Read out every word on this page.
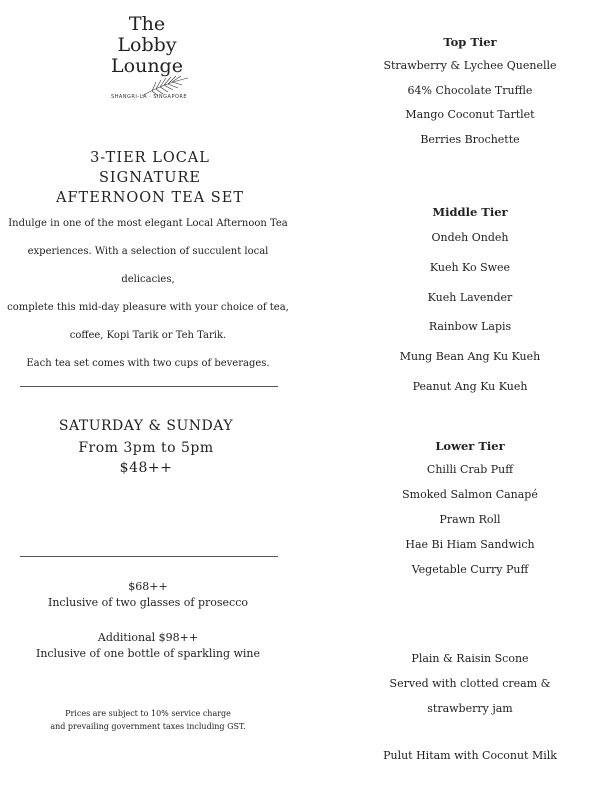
The
Lobby
Lounge
SHANGRI-LA · SINGAPORE
3-TIER LOCAL SIGNATURE
AFTERNOON TEA SET
Indulge in one of the most elegant Local Afternoon Tea
experiences. With a selection of succulent local delicacies,
complete this mid-day pleasure with your choice of tea,
coffee, Kopi Tarik or Teh Tarik.
Each tea set comes with two cups of beverages.
SATURDAY & SUNDAY
From 3pm to 5pm
$48++
$68++
Inclusive of two glasses of prosecco
Additional $98++
Inclusive of one bottle of sparkling wine
Prices are subject to 10% service charge
and prevailing government taxes including GST.
Top Tier
Strawberry & Lychee Quenelle
64% Chocolate Truffle
Mango Coconut Tartlet
Berries Brochette
Middle Tier
Ondeh Ondeh
Kueh Ko Swee
Kueh Lavender
Rainbow Lapis
Mung Bean Ang Ku Kueh
Peanut Ang Ku Kueh
Lower Tier
Chilli Crab Puff
Smoked Salmon Canapé
Prawn Roll
Hae Bi Hiam Sandwich
Vegetable Curry Puff
Plain & Raisin Scone
Served with clotted cream &
strawberry jam
Pulut Hitam with Coconut Milk
